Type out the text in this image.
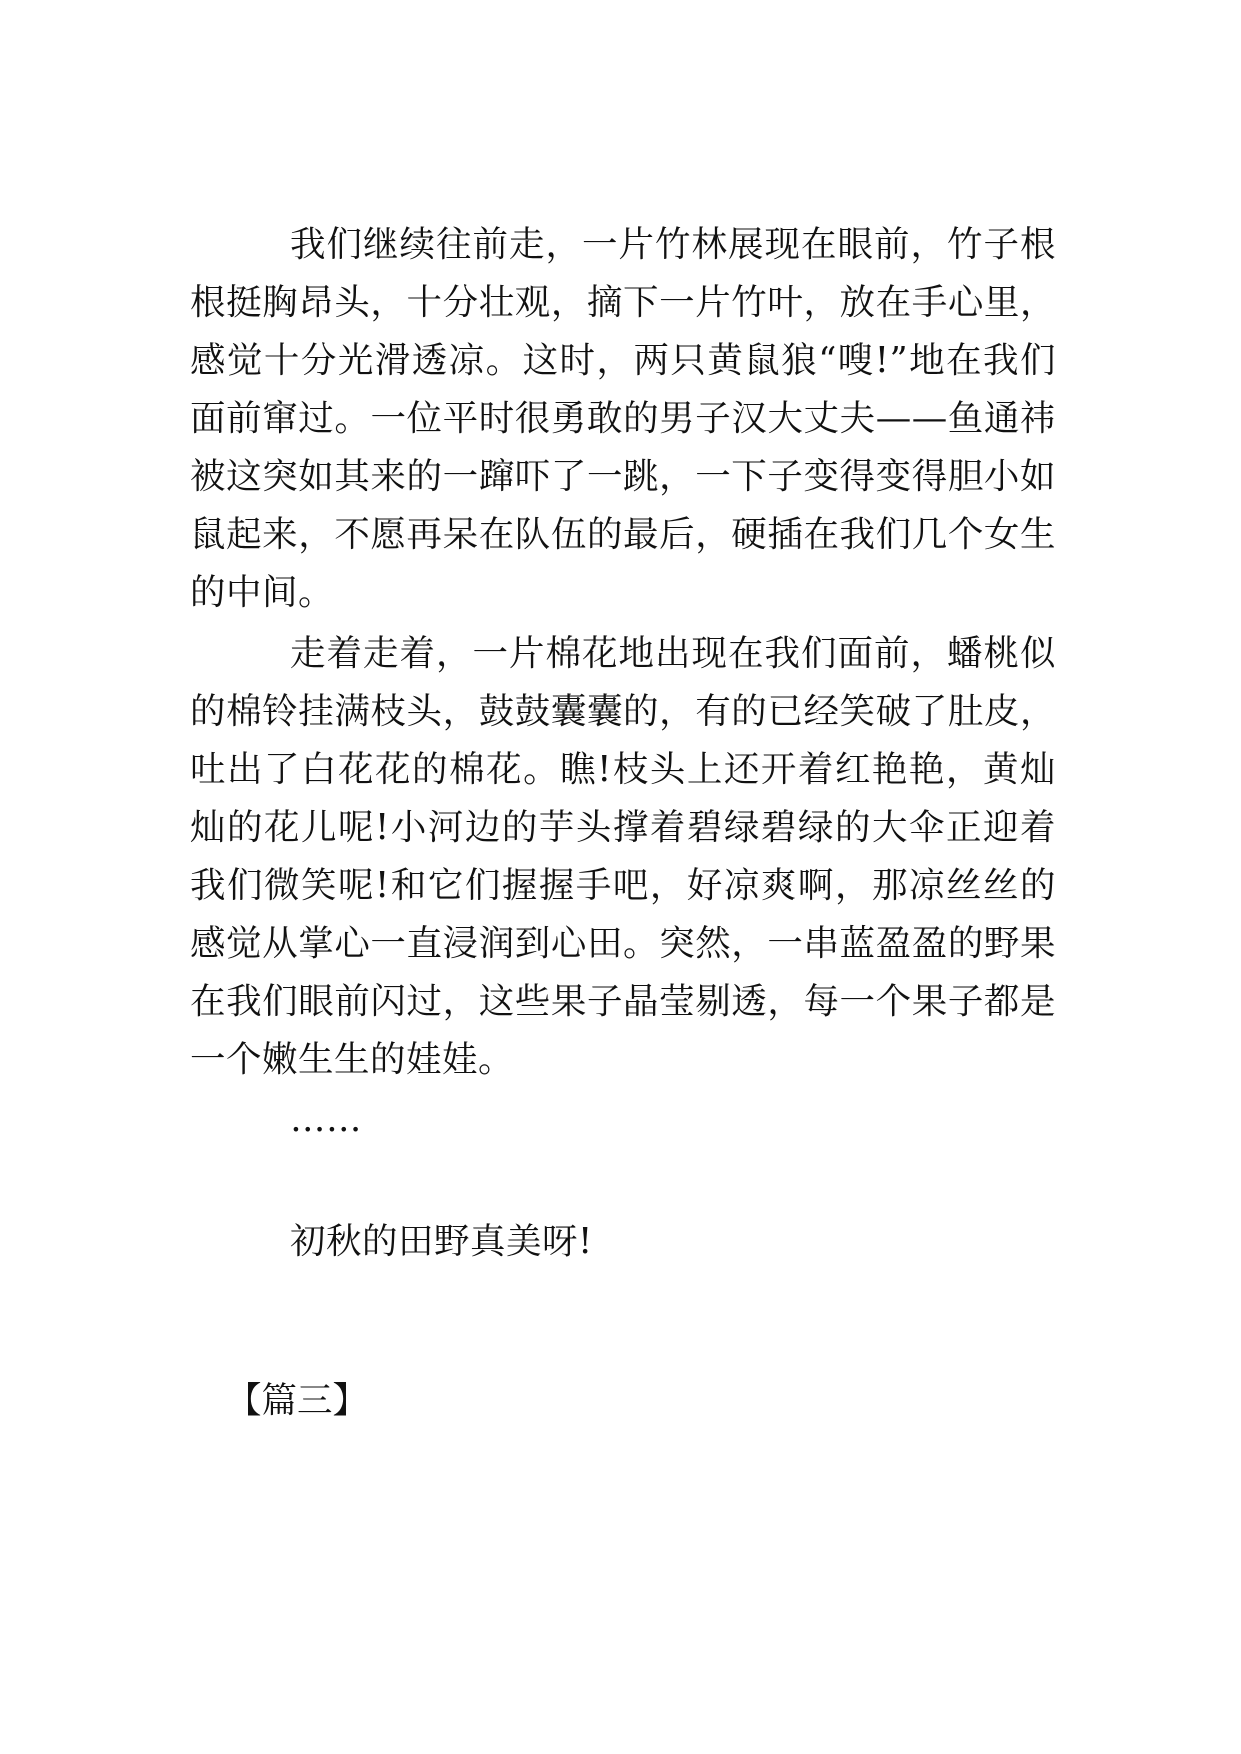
我们继续往前走，一片竹林展现在眼前，竹子根根挺胸昂头，十分壮观，摘下一片竹叶，放在手心里，感觉十分光滑透凉。这时，两只黄鼠狼“嗖!”地在我们面前窜过。一位平时很勇敢的男子汉大丈夫——鱼通祎被这突如其来的一蹿吓了一跳，一下子变得变得胆小如鼠起来，不愿再呆在队伍的最后，硬插在我们几个女生的中间。

走着走着，一片棉花地出现在我们面前，蟠桃似的棉铃挂满枝头，鼓鼓囊囊的，有的已经笑破了肚皮，吐出了白花花的棉花。瞧!枝头上还开着红艳艳，黄灿灿的花儿呢!小河边的芋头撑着碧绿碧绿的大伞正迎着我们微笑呢!和它们握握手吧，好凉爽啊，那凉丝丝的感觉从掌心一直浸润到心田。突然，一串蓝盈盈的野果在我们眼前闪过，这些果子晶莹剔透，每一个果子都是一个嫩生生的娃娃。

……

初秋的田野真美呀!

【篇三】
